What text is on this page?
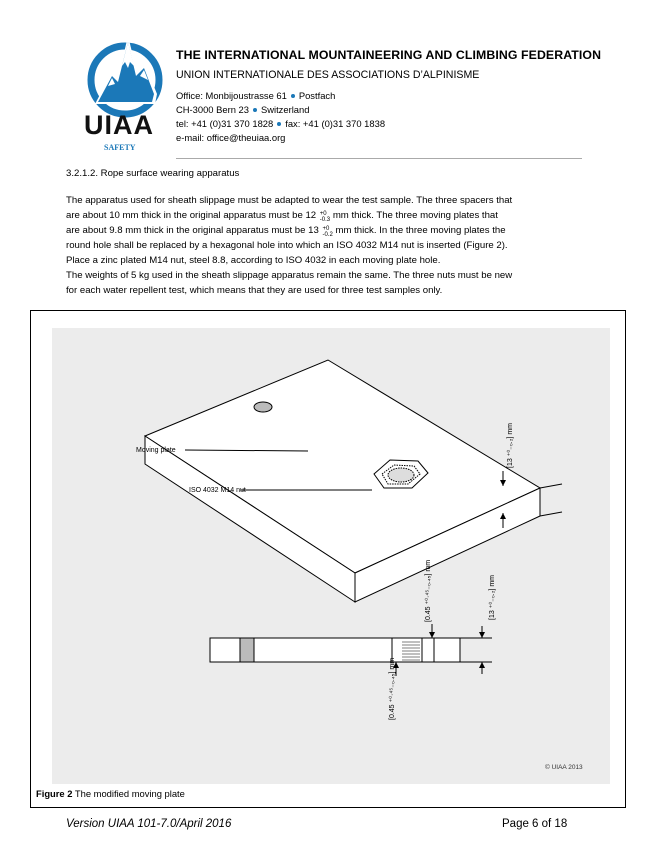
UIAA
SAFETY
THE INTERNATIONAL MOUNTAINEERING AND CLIMBING FEDERATION
UNION INTERNATIONALE DES ASSOCIATIONS D’ALPINISME
Office: Monbijoustrasse 61 Postfach
CH-3000 Bern 23 Switzerland
tel: +41 (0)31 370 1828 fax: +41 (0)31 370 1838
e-mail: office@theuiaa.org
3.2.1.2. Rope surface wearing apparatus
The apparatus used for sheath slippage must be adapted to wear the test sample. The three spacers that
are about 10 mm thick in the original apparatus must be 12 +0
-0.3 mm thick. The three moving plates that
are about 9.8 mm thick in the original apparatus must be 13 +0
-0.2 mm thick. In the three moving plates the
round hole shall be replaced by a hexagonal hole into which an ISO 4032 M14 nut is inserted (Figure 2).
Place a zinc plated M14 nut, steel 8.8, according to ISO 4032 in each moving plate hole.
The weights of 5 kg used in the sheath slippage apparatus remain the same. The three nuts must be new
for each water repellent test, which means that they are used for three test samples only.
Moving plate
ISO 4032 M14 nut
[13 ⁺⁰₋₀.₂] mm
[13 ⁺⁰₋₀.₂] mm
[0.45 ⁺⁰·⁴⁵₋₀.₄₅] mm
[0.45 ⁺⁰·⁴⁵₋₀.₄₅] mm
© UIAA 2013
Figure 2 The modified moving plate
Version UIAA 101-7.0/April 2016	Page 6 of 18
